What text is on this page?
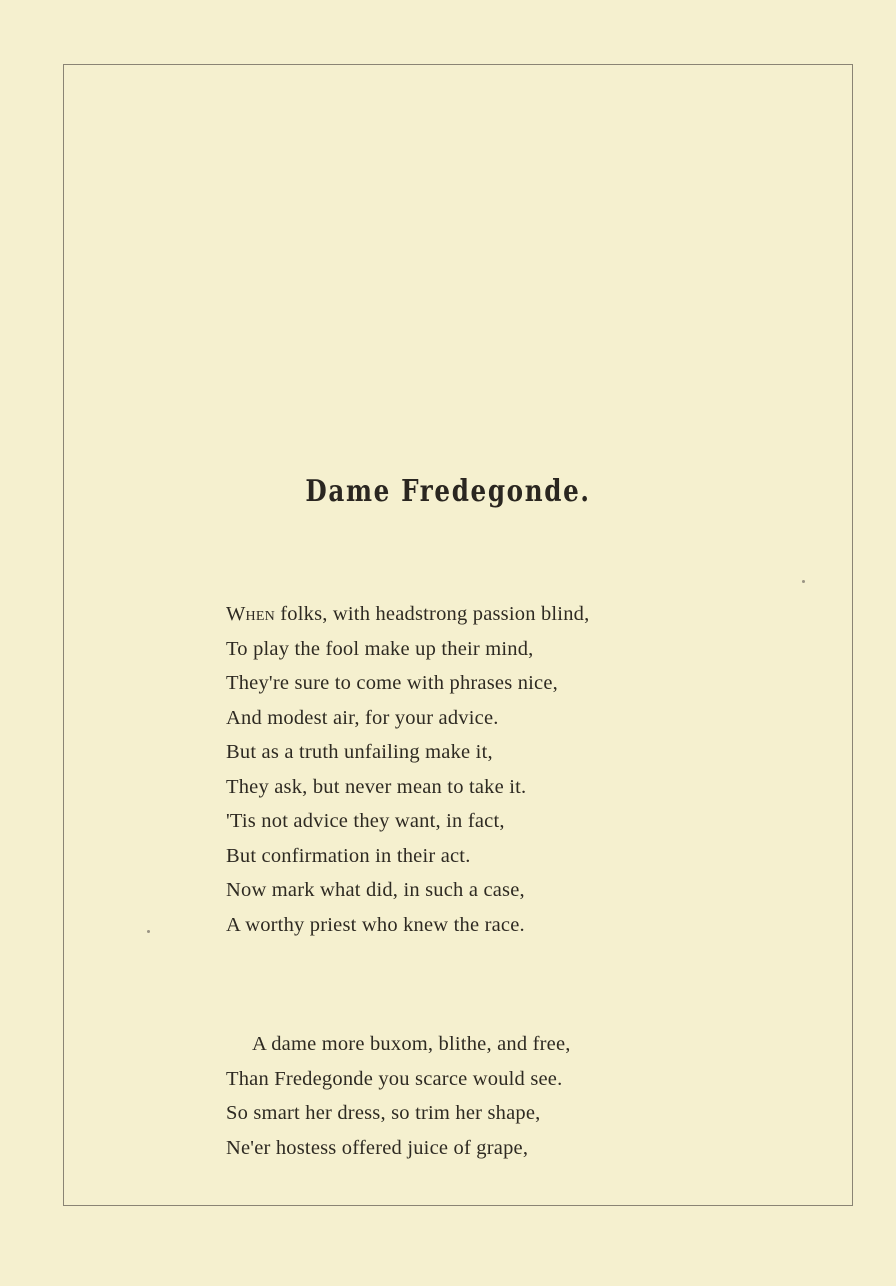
Dame Fredegonde.
When folks, with headstrong passion blind,
To play the fool make up their mind,
They're sure to come with phrases nice,
And modest air, for your advice.
But as a truth unfailing make it,
They ask, but never mean to take it.
'Tis not advice they want, in fact,
But confirmation in their act.
Now mark what did, in such a case,
A worthy priest who knew the race.
A dame more buxom, blithe, and free,
Than Fredegonde you scarce would see.
So smart her dress, so trim her shape,
Ne'er hostess offered juice of grape,
